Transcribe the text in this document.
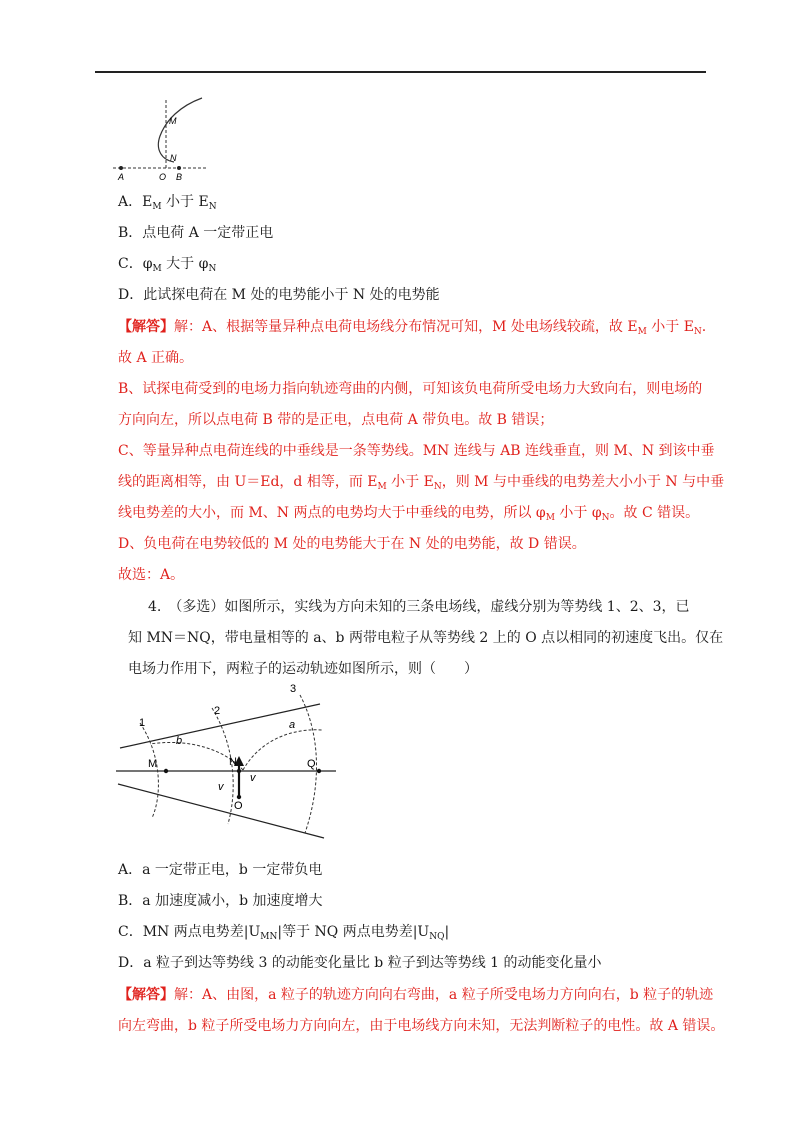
M
N
A	O B
A．$E_M$ 小于 $E_N$
B．点电荷 A 一定带正电
C．$\varphi_M$ 大于 $\varphi_N$
D．此试探电荷在 M 处的电势能小于 N 处的电势能
【解答】解：A、根据等量异种点电荷电场线分布情况可知，M 处电场线较疏，故 $E_M$ 小于 $E_N$.
故 A 正确。
B、试探电荷受到的电场力指向轨迹弯曲的内侧，可知该负电荷所受电场力大致向右，则电场的
方向向左，所以点电荷 B 带的是正电，点电荷 A 带负电。故 B 错误；
C、等量异种点电荷连线的中垂线是一条等势线。MN 连线与 AB 连线垂直，则 M、N 到该中垂
线的距离相等，由 U＝Ed，d 相等，而 $E_M$ 小于 $E_N$，则 M 与中垂线的电势差大小小于 N 与中垂
线电势差的大小，而 M、N 两点的电势均大于中垂线的电势，所以 $\varphi_M$ 小于 $\varphi_N$。故 C 错误。
D、负电荷在电势较低的 M 处的电势能大于在 N 处的电势能，故 D 错误。
故选：A。
4.　（多选）如图所示，实线为方向未知的三条电场线，虚线分别为等势线 1、2、3，已
知 MN＝NQ，带电量相等的 a、b 两带电粒子从等势线 2 上的 O 点以相同的初速度飞出。仅在
电场力作用下，两粒子的运动轨迹如图所示，则（　　）
1
2
3
a
b
M	N	Q
O
v
v
A．a 一定带正电，b 一定带负电
B．a 加速度减小，b 加速度增大
C．MN 两点电势差$|U_{MN}|$等于 NQ 两点电势差$|U_{NQ}|$
D．a 粒子到达等势线 3 的动能变化量比 b 粒子到达等势线 1 的动能变化量小
【解答】解：A、由图，a 粒子的轨迹方向向右弯曲，a 粒子所受电场力方向向右，b 粒子的轨迹
向左弯曲，b 粒子所受电场力方向向左，由于电场线方向未知，无法判断粒子的电性。故 A 错误。
